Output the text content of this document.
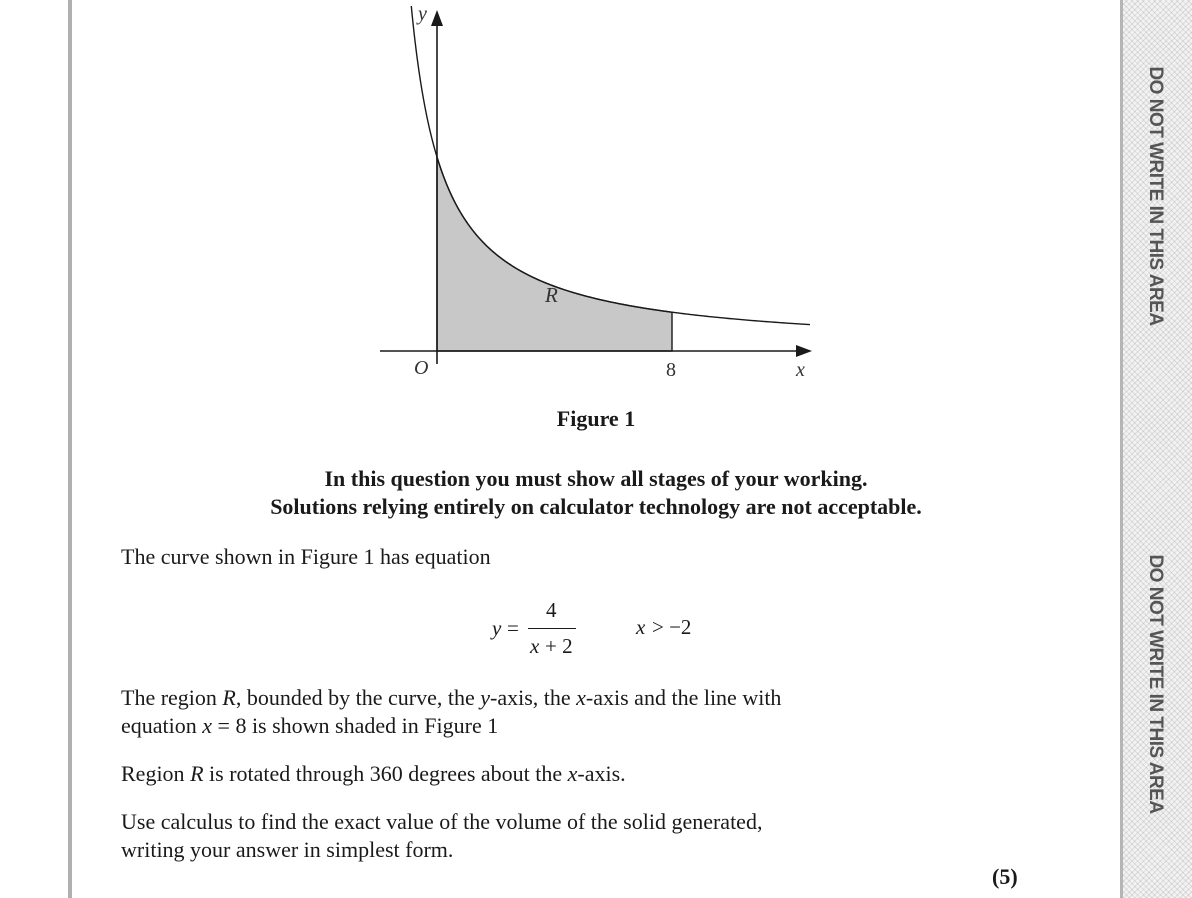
y
x
O
R
8
Figure 1
In this question you must show all stages of your working.
Solutions relying entirely on calculator technology are not acceptable.
The curve shown in Figure 1 has equation
y =
4
x + 2
x > −2
The region R, bounded by the curve, the y-axis, the x-axis and the line with
equation x = 8 is shown shaded in Figure 1
Region R is rotated through 360 degrees about the x-axis.
Use calculus to find the exact value of the volume of the solid generated,
writing your answer in simplest form.
(5)
DO NOT WRITE IN THIS AREA
DO NOT WRITE IN THIS AREA
